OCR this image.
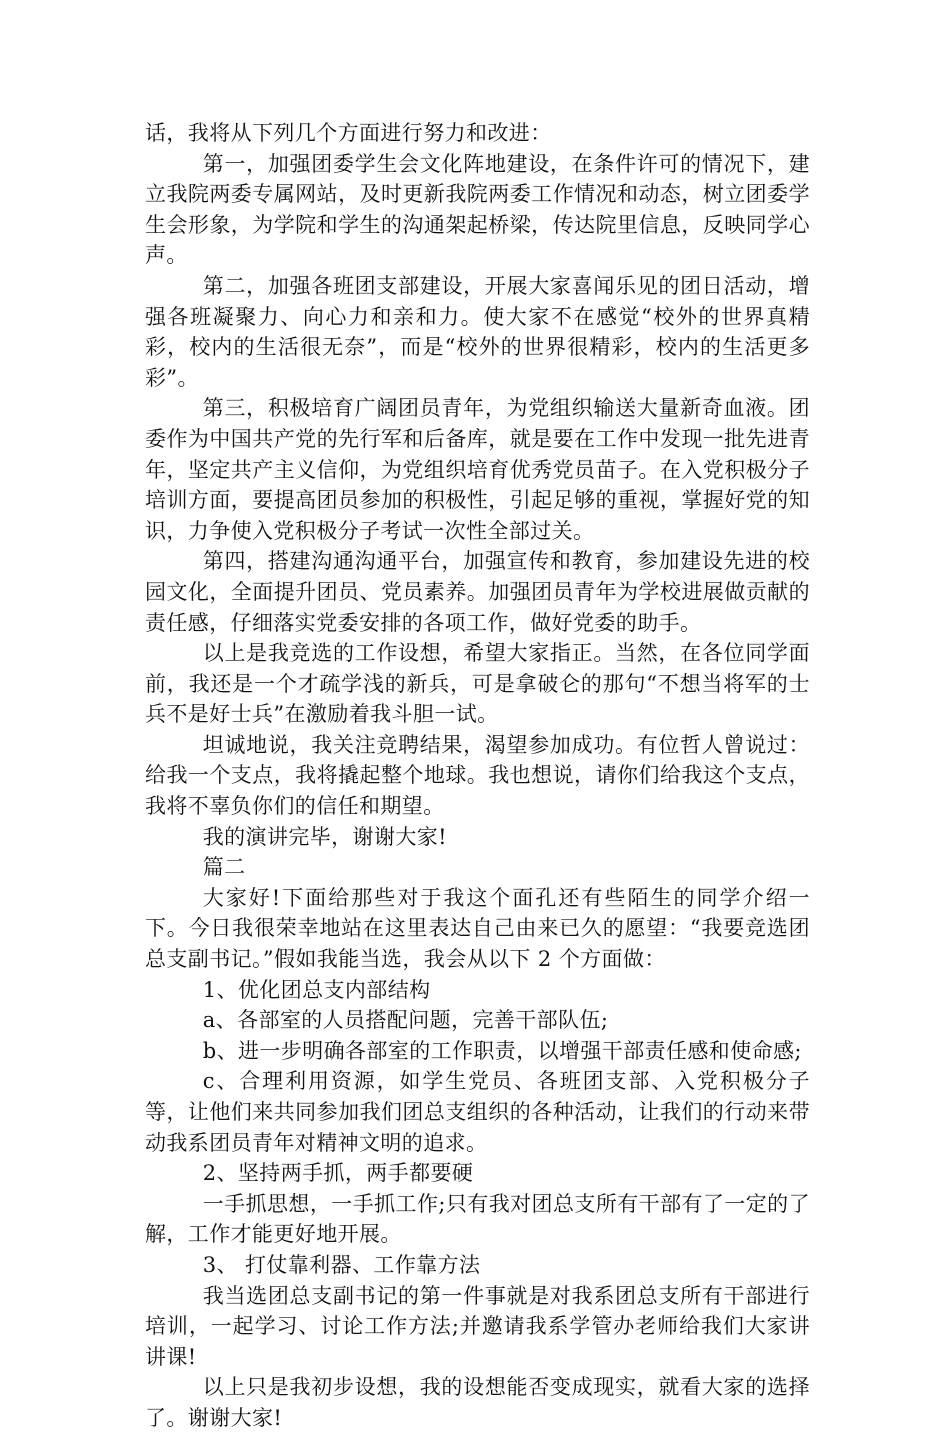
话，我将从下列几个方面进行努力和改进：

第一，加强团委学生会文化阵地建设，在条件许可的情况下，建立我院两委专属网站，及时更新我院两委工作情况和动态，树立团委学生会形象，为学院和学生的沟通架起桥梁，传达院里信息，反映同学心声。

第二，加强各班团支部建设，开展大家喜闻乐见的团日活动，增强各班凝聚力、向心力和亲和力。使大家不在感觉“校外的世界真精彩，校内的生活很无奈”，而是“校外的世界很精彩，校内的生活更多彩”。

第三，积极培育广阔团员青年，为党组织输送大量新奇血液。团委作为中国共产党的先行军和后备库，就是要在工作中发现一批先进青年，坚定共产主义信仰，为党组织培育优秀党员苗子。在入党积极分子培训方面，要提高团员参加的积极性，引起足够的重视，掌握好党的知识，力争使入党积极分子考试一次性全部过关。

第四，搭建沟通沟通平台，加强宣传和教育，参加建设先进的校园文化，全面提升团员、党员素养。加强团员青年为学校进展做贡献的责任感，仔细落实党委安排的各项工作，做好党委的助手。

以上是我竞选的工作设想，希望大家指正。当然，在各位同学面前，我还是一个才疏学浅的新兵，可是拿破仑的那句“不想当将军的士兵不是好士兵”在激励着我斗胆一试。

坦诚地说，我关注竞聘结果，渴望参加成功。有位哲人曾说过：给我一个支点，我将撬起整个地球。我也想说，请你们给我这个支点，我将不辜负你们的信任和期望。

我的演讲完毕，谢谢大家!

篇二

大家好!下面给那些对于我这个面孔还有些陌生的同学介绍一下。今日我很荣幸地站在这里表达自己由来已久的愿望：“我要竞选团总支副书记。”假如我能当选，我会从以下 2 个方面做：

1、优化团总支内部结构

a、各部室的人员搭配问题，完善干部队伍;

b、进一步明确各部室的工作职责，以增强干部责任感和使命感;

c、合理利用资源，如学生党员、各班团支部、入党积极分子等，让他们来共同参加我们团总支组织的各种活动，让我们的行动来带动我系团员青年对精神文明的追求。

2、坚持两手抓，两手都要硬

一手抓思想，一手抓工作;只有我对团总支所有干部有了一定的了解，工作才能更好地开展。

3、 打仗靠利器、工作靠方法

我当选团总支副书记的第一件事就是对我系团总支所有干部进行培训，一起学习、讨论工作方法;并邀请我系学管办老师给我们大家讲讲课!

以上只是我初步设想，我的设想能否变成现实，就看大家的选择了。谢谢大家!
